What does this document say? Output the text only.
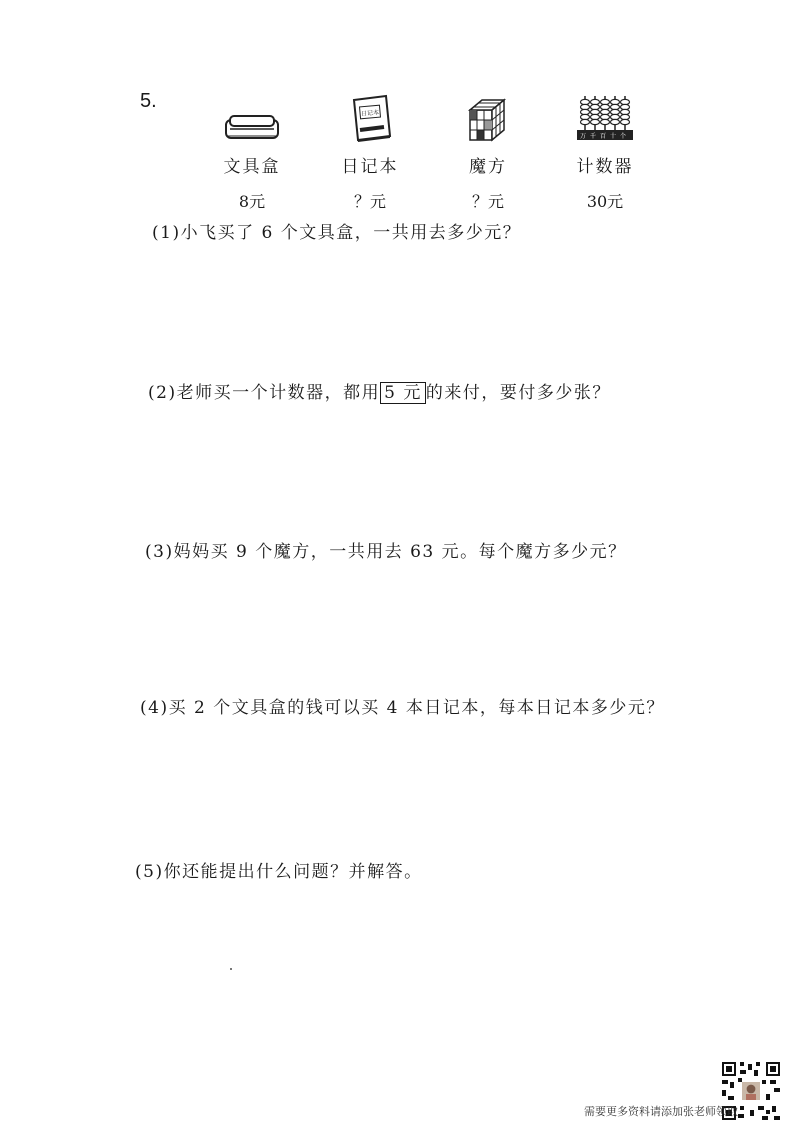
5.
文具盒
8元
日记本
日记本
？元
魔方
？元
万千百十个
计数器
30元
(1)小飞买了 6 个文具盒，一共用去多少元？
(2)老师买一个计数器，都用 5 元 的来付，要付多少张？
(3)妈妈买 9 个魔方，一共用去 63 元。每个魔方多少元？
(4)买 2 个文具盒的钱可以买 4 本日记本，每本日记本多少元？
(5)你还能提出什么问题？并解答。
需要更多资料请添加张老师领取
